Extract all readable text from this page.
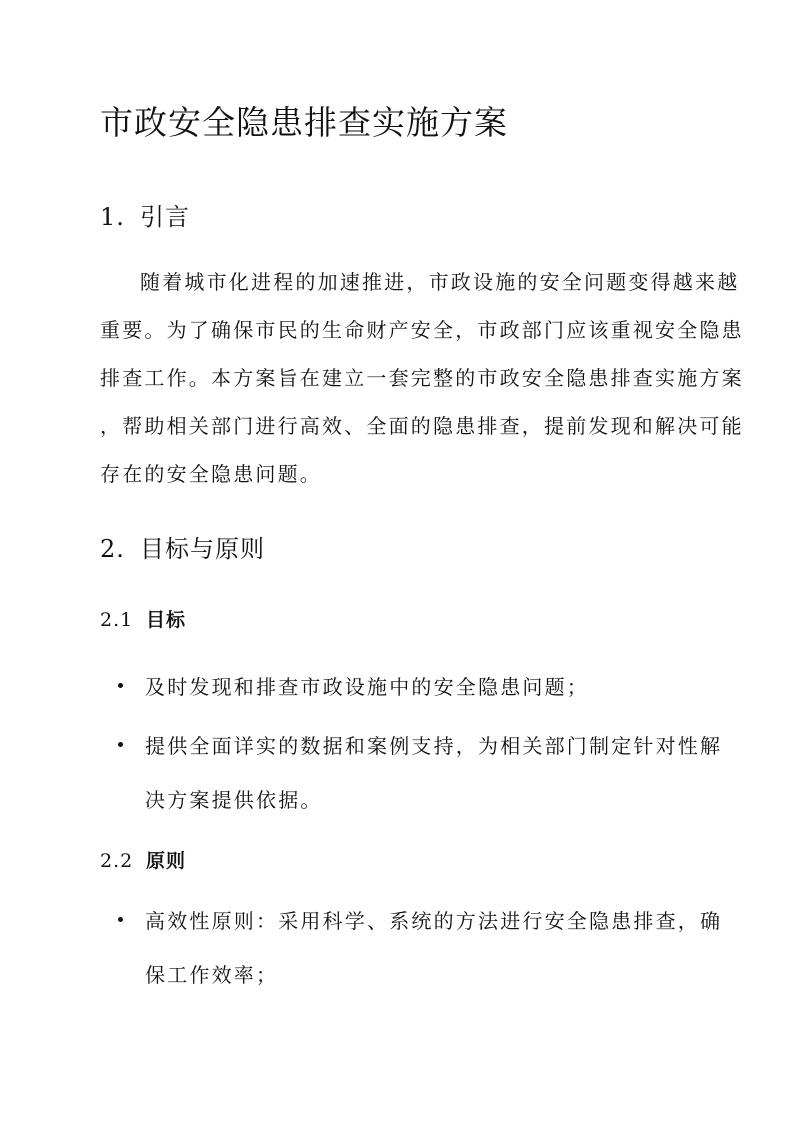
市政安全隐患排查实施方案
1. 引言
随着城市化进程的加速推进，市政设施的安全问题变得越来越
重要。为了确保市民的生命财产安全，市政部门应该重视安全隐患
排查工作。本方案旨在建立一套完整的市政安全隐患排查实施方案
，帮助相关部门进行高效、全面的隐患排查，提前发现和解决可能
存在的安全隐患问题。
2. 目标与原则
2.1 目标
及时发现和排查市政设施中的安全隐患问题；
提供全面详实的数据和案例支持，为相关部门制定针对性解
决方案提供依据。
2.2 原则
高效性原则：采用科学、系统的方法进行安全隐患排查，确
保工作效率；
